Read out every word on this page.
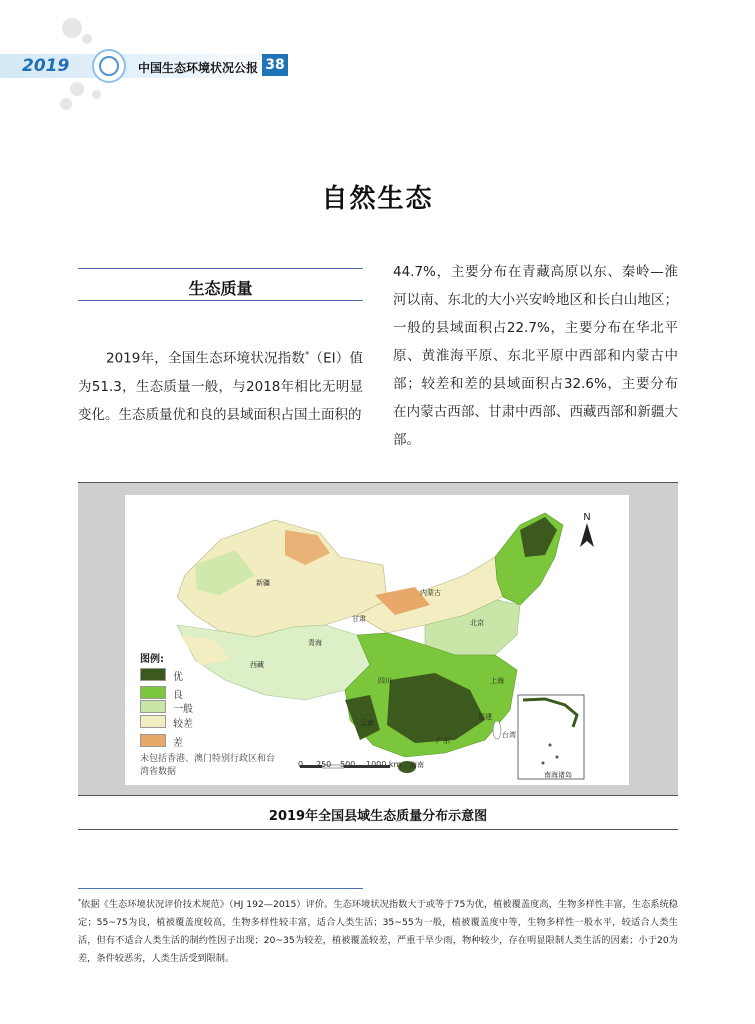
2019	中国生态环境状况公报 38
自然生态
生态质量

2019年，全国生态环境状况指数*（EI）值为51.3，生态质量一般，与2018年相比无明显变化。生态质量优和良的县域面积占国土面积的

44.7%，主要分布在青藏高原以东、秦岭—淮河以南、东北的大小兴安岭地区和长白山地区；一般的县域面积占22.7%，主要分布在华北平原、黄淮海平原、东北平原中西部和内蒙古中部；较差和差的县域面积占32.6%，主要分布在内蒙古西部、甘肃中西部、西藏西部和新疆大部。

N
新疆
西藏
青海
甘肃
内蒙古
四川
云南
广东
海南
北京
上海
福建
台湾
南海诸岛
图例:
优
良
一般
较差
差
未包括香港、澳门特别行政区和台湾省数据
0 250 500 1000 km
2019年全国县域生态质量分布示意图

*依据《生态环境状况评价技术规范》（HJ 192—2015）评价。生态环境状况指数大于或等于75为优，植被覆盖度高，生物多样性丰富，生态系统稳定；55~75为良，植被覆盖度较高，生物多样性较丰富，适合人类生活；35~55为一般，植被覆盖度中等，生物多样性一般水平，较适合人类生活，但有不适合人类生活的制约性因子出现；20~35为较差，植被覆盖较差，严重干旱少雨，物种较少，存在明显限制人类生活的因素；小于20为差，条件较恶劣，人类生活受到限制。
